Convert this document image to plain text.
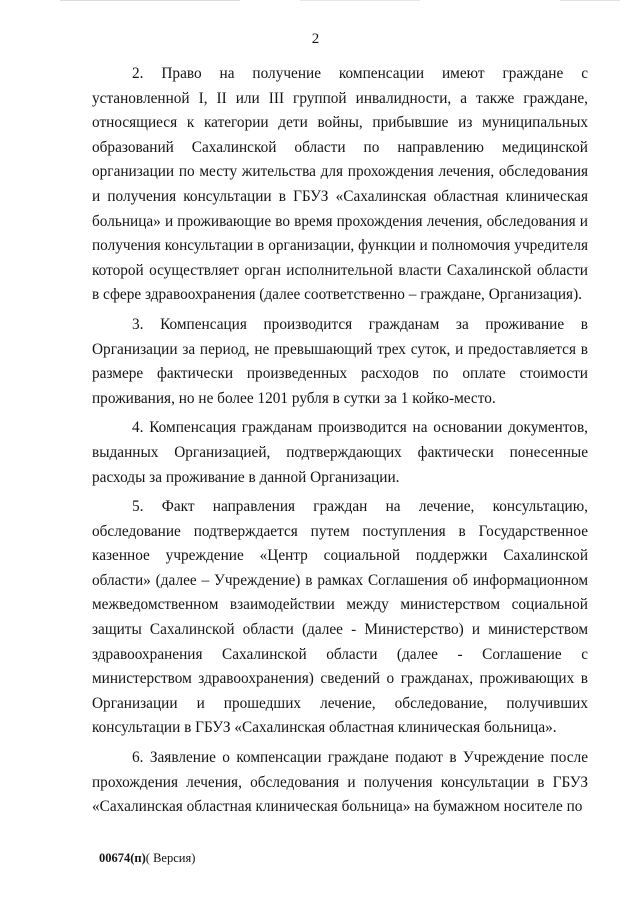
2

2. Право на получение компенсации имеют граждане с установленной I, II или III группой инвалидности, а также граждане, относящиеся к категории дети войны, прибывшие из муниципальных образований Сахалинской области по направлению медицинской организации по месту жительства для прохождения лечения, обследования и получения консультации в ГБУЗ «Сахалинская областная клиническая больница» и проживающие во время прохождения лечения, обследования и получения консультации в организации, функции и полномочия учредителя которой осуществляет орган исполнительной власти Сахалинской области в сфере здравоохранения (далее соответственно – граждане, Организация).

3. Компенсация производится гражданам за проживание в Организации за период, не превышающий трех суток, и предоставляется в размере фактически произведенных расходов по оплате стоимости проживания, но не более 1201 рубля в сутки за 1 койко-место.

4. Компенсация гражданам производится на основании документов, выданных Организацией, подтверждающих фактически понесенные расходы за проживание в данной Организации.

5. Факт направления граждан на лечение, консультацию, обследование подтверждается путем поступления в Государственное казенное учреждение «Центр социальной поддержки Сахалинской области» (далее – Учреждение) в рамках Соглашения об информационном межведомственном взаимодействии между министерством социальной защиты Сахалинской области (далее - Министерство) и министерством здравоохранения Сахалинской области (далее - Соглашение с министерством здравоохранения) сведений о гражданах, проживающих в Организации и прошедших лечение, обследование, получивших консультации в ГБУЗ «Сахалинская областная клиническая больница».

6. Заявление о компенсации граждане подают в Учреждение после прохождения лечения, обследования и получения консультации в ГБУЗ «Сахалинская областная клиническая больница» на бумажном носителе по

00674(п)( Версия)
